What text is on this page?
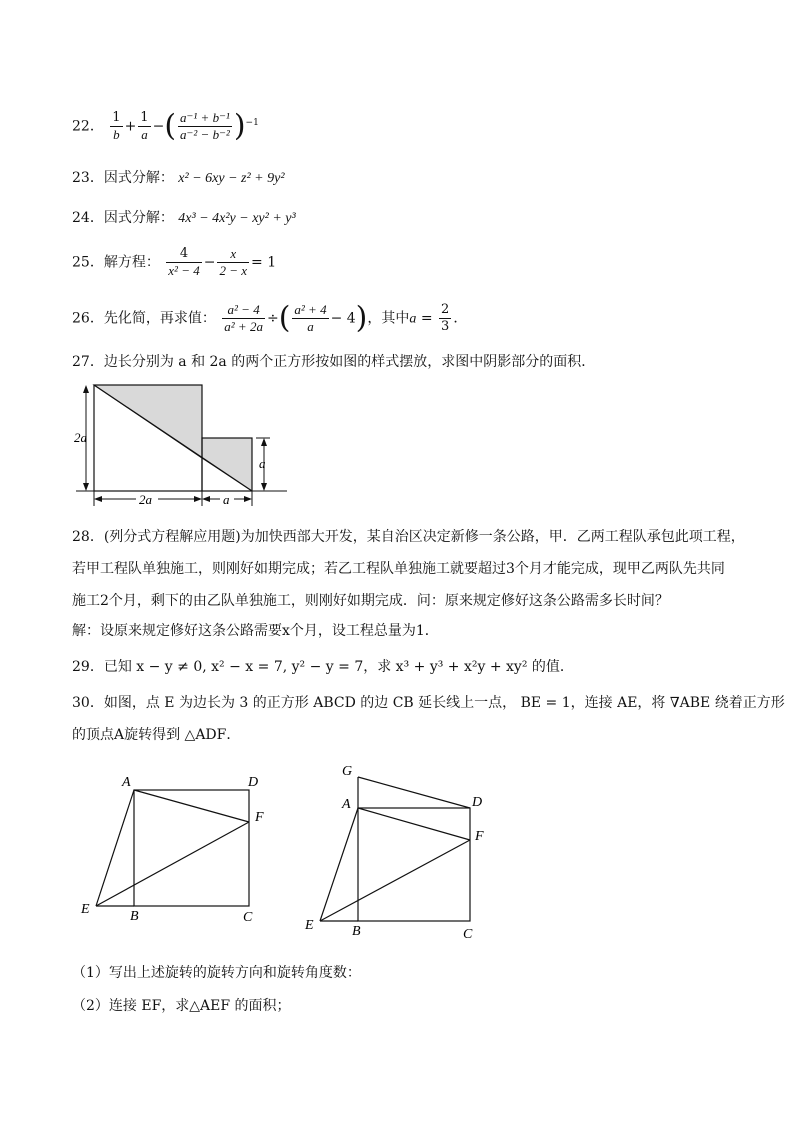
22． $\frac{1}{b} + \frac{1}{a}$ −( $\frac{\text{a⁻¹ + b⁻¹}}{\text{a⁻² − b⁻²}} )^{-1}$
23．因式分解： x² − 6xy − z² + 9y²
24．因式分解： 4x³ − 4x²y − xy² + y³
25．解方程： $\frac{4}{\text{x² − 4}} - \frac{x}{2 - x} = 1$
26．先化简，再求值： $\frac{\text{a² − 4}}{\text{a² + 2a}}$ ÷( $\frac{\text{a² + 4}}{a} - 4$)，其中$a = \frac{2}{3}$ ．
27．边长分别为 a 和 2a 的两个正方形按如图的样式摆放，求图中阴影部分的面积．
2a
a
2a	a
28．(列分式方程解应用题)为加快西部大开发，某自治区决定新修一条公路，甲．乙两工程队承包此项工程，
若甲工程队单独施工，则刚好如期完成；若乙工程队单独施工就要超过3个月才能完成，现甲乙两队先共同
施工2个月，剩下的由乙队单独施工，则刚好如期完成．问：原来规定修好这条公路需多长时间？
解：设原来规定修好这条公路需要x个月，设工程总量为1．
29．已知 x − y ≠ 0, x² − x = 7, y² − y = 7，求 x³ + y³ + x²y + xy² 的值．
30．如图，点 E 为边长为 3 的正方形 ABCD 的边 CB 延长线上一点， BE = 1，连接 AE，将 ∇ABE 绕着正方形
的顶点A旋转得到 △ADF．
A	D
F
E	B	C
G
A	D
F
E	B	C
（1）写出上述旋转的旋转方向和旋转角度数：
（2）连接 EF，求△AEF 的面积；
